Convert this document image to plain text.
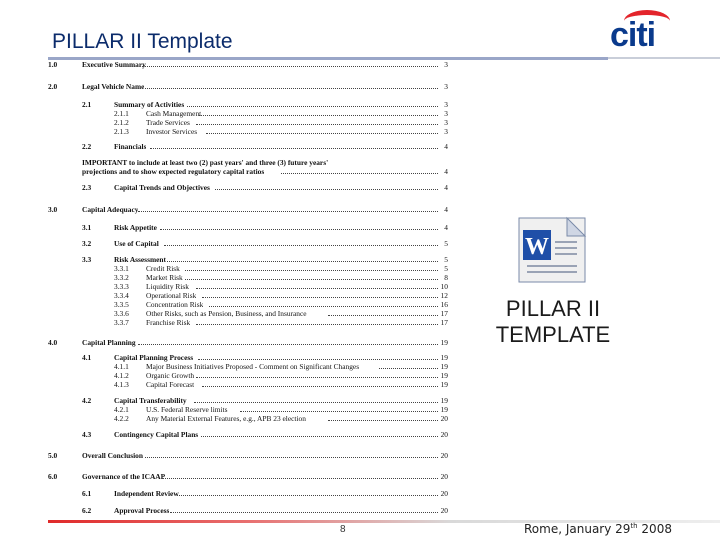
PILLAR II Template	citi
1.0	Executive Summary	3
2.0	Legal Vehicle Name	3
2.1	Summary of Activities	3
2.1.1 Cash Management	3
2.1.2 Trade Services	3
2.1.3 Investor Services	3
2.2	Financials	4
IMPORTANT to include at least two (2) past years' and three (3) future years'
projections and to show expected regulatory capital ratios	4
2.3	Capital Trends and Objectives	4
3.0	Capital Adequacy	4
3.1	Risk Appetite	4
3.2	Use of Capital	5
3.3	Risk Assessment	5
3.3.1 Credit Risk	5
3.3.2 Market Risk	8
3.3.3 Liquidity Risk	10
3.3.4 Operational Risk	12
3.3.5 Concentration Risk	16
3.3.6 Other Risks, such as Pension, Business, and Insurance	17
3.3.7 Franchise Risk	17
4.0	Capital Planning	19
4.1	Capital Planning Process	19
4.1.1 Major Business Initiatives Proposed - Comment on Significant Changes	19
4.1.2 Organic Growth	19
4.1.3 Capital Forecast	19
4.2	Capital Transferability	19
4.2.1 U.S. Federal Reserve limits	19
4.2.2 Any Material External Features, e.g., APB 23 election	20
4.3	Contingency Capital Plans	20
5.0	Overall Conclusion	20
6.0	Governance of the ICAAP	20
6.1	Independent Review	20
6.2	Approval Process	20
W
PILLAR II
TEMPLATE
8	Rome, January 29th 2008
